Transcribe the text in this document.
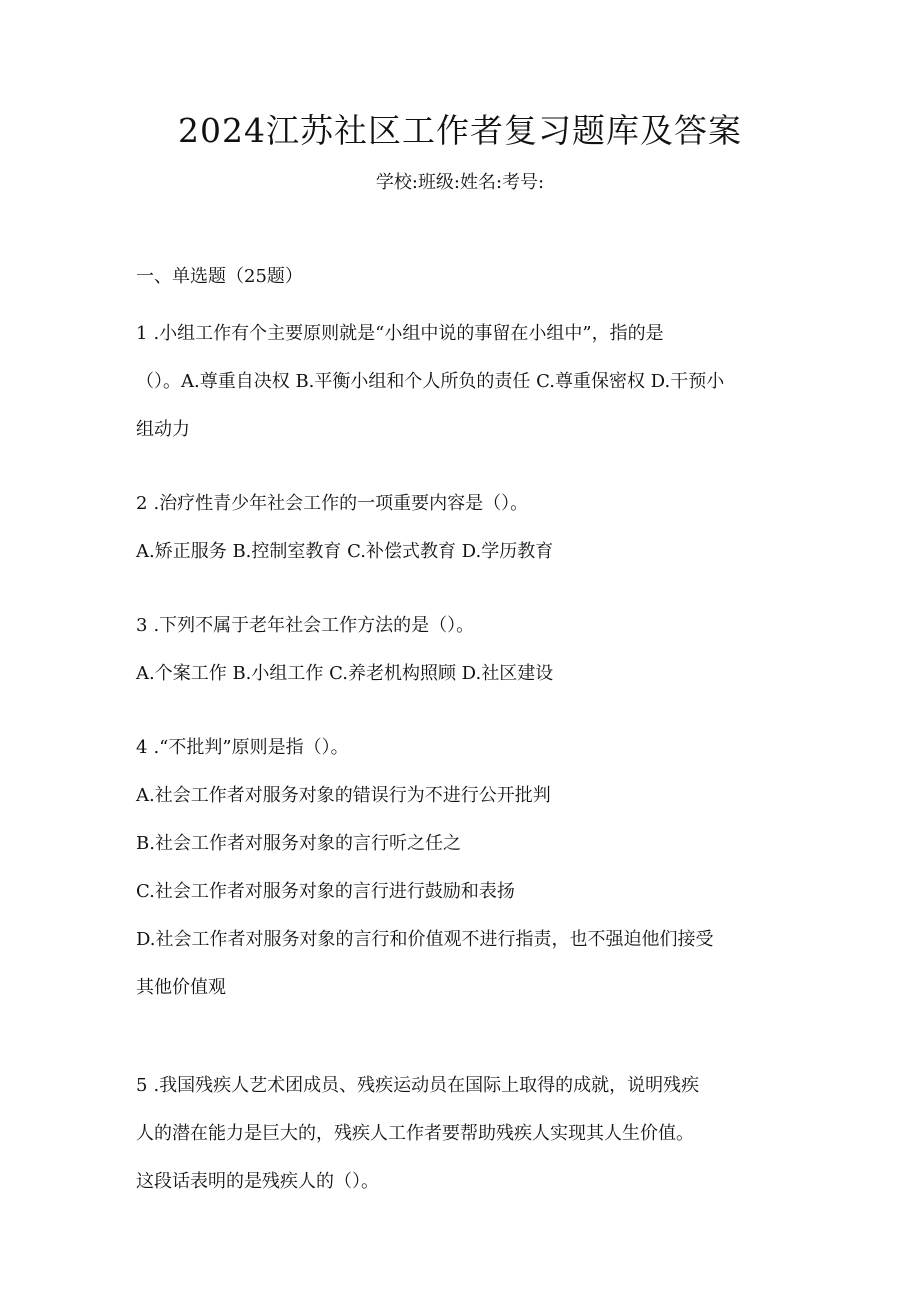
2024江苏社区工作者复习题库及答案
学校:班级:姓名:考号:
一、单选题（25题）
1 .小组工作有个主要原则就是“小组中说的事留在小组中”，指的是
（）。A.尊重自决权 B.平衡小组和个人所负的责任 C.尊重保密权 D.干预小
组动力
2 .治疗性青少年社会工作的一项重要内容是（）。
A.矫正服务 B.控制室教育 C.补偿式教育 D.学历教育
3 .下列不属于老年社会工作方法的是（）。
A.个案工作 B.小组工作 C.养老机构照顾 D.社区建设
4 .“不批判”原则是指（）。
A.社会工作者对服务对象的错误行为不进行公开批判
B.社会工作者对服务对象的言行听之任之
C.社会工作者对服务对象的言行进行鼓励和表扬
D.社会工作者对服务对象的言行和价值观不进行指责，也不强迫他们接受
其他价值观
5 .我国残疾人艺术团成员、残疾运动员在国际上取得的成就，说明残疾
人的潜在能力是巨大的，残疾人工作者要帮助残疾人实现其人生价值。
这段话表明的是残疾人的（）。
